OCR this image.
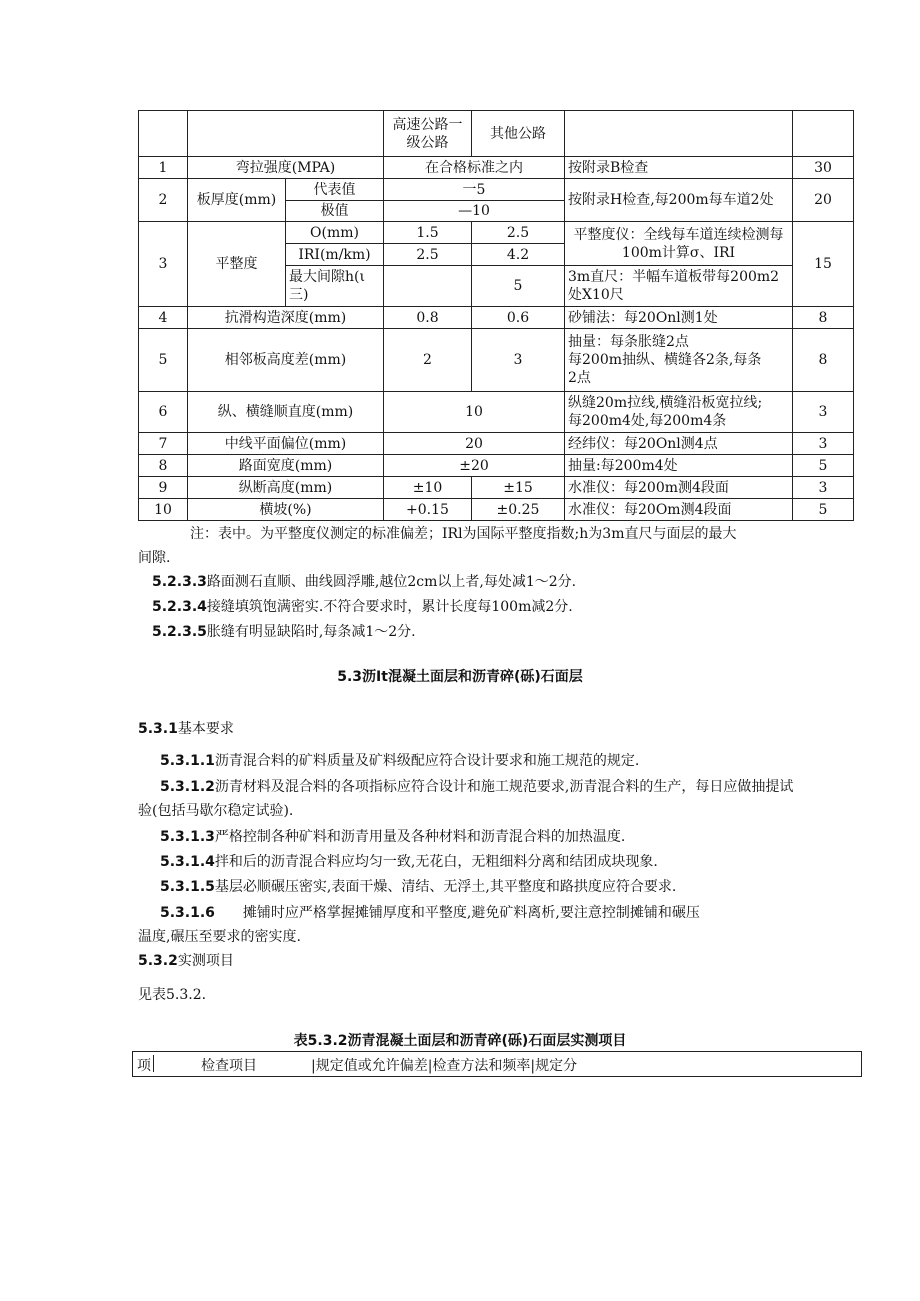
			高速公路一级公路	其他公路		
1	弯拉强度(MPA)		在合格标准之内		按附录B检查	30
2	板厚度(mm)	代表值	一5		按附录H检查,每200m每车道2处	20
		极值	—10			
3	平整度	O(mm)	1.5	2.5	平整度仪：全线每车道连续检测每100m计算σ、IRI	15
		IRI(m/km)	2.5	4.2		
		最大间隙h(ι三)		5	3m直尺：半幅车道板带每200m2处X10尺	
4	抗滑构造深度(mm)		0.8	0.6	砂铺法：每20Onl测1处	8
5	相邻板高度差(mm)		2	3	抽量：每条胀缝2点
每200m抽纵、横缝各2条,每条
2点	8
6	纵、横缝顺直度(mm)		10		纵缝20m拉线,横缝沿板宽拉线;
每200m4处,每200m4条	3
7	中线平面偏位(mm)		20		经纬仪：每20Onl测4点	3
8	路面宽度(mm)		±20		抽量:每200m4处	5
9	纵断高度(mm)		±10	±15	水准仪：每200m测4段面	3
10	横坡(%)		+0.15	±0.25	水准仪：每20Om测4段面	5
注：表中。为平整度仪测定的标准偏差；IRl为国际平整度指数;h为3m直尺与面层的最大
间隙.
5.2.3.3路面测石直顺、曲线圆浮雕,越位2cm以上者,每处减1～2分.
5.2.3.4接缝填筑饱满密实.不符合要求时，累计长度每100m减2分.
5.2.3.5胀缝有明显缺陷时,每条减1～2分.
5.3沥It混凝土面层和沥青碎(砾)石面层
5.3.1基本要求
5.3.1.1沥青混合料的矿料质量及矿料级配应符合设计要求和施工规范的规定.
5.3.1.2沥青材料及混合料的各项指标应符合设计和施工规范要求,沥青混合料的生产，每日应做抽提试
验(包括马歇尔稳定试验).
5.3.1.3严格控制各种矿料和沥青用量及各种材料和沥青混合料的加热温度.
5.3.1.4拌和后的沥青混合料应均匀一致,无花白，无粗细料分离和结团成块现象.
5.3.1.5基层必顺碾压密实,表面干燥、清结、无浮土,其平整度和路拱度应符合要求.
5.3.1.6 摊铺时应严格掌握摊铺厚度和平整度,避免矿料离析,要注意控制摊铺和碾压
温度,碾压至要求的密实度.
5.3.2实测项目
见表5.3.2.
表5.3.2沥青混凝土面层和沥青碎(砾)石面层实测项目
项	检查项目	|规定值或允许偏差|检查方法和频率|规定分
